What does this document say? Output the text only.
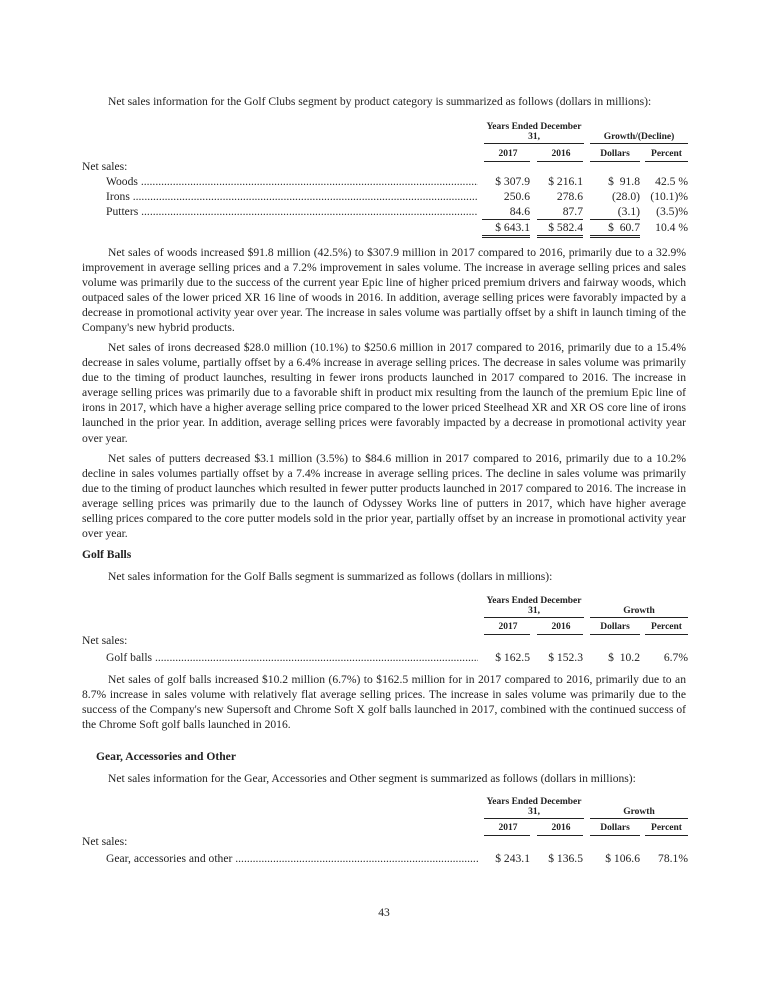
Net sales information for the Golf Clubs segment by product category is summarized as follows (dollars in millions):

Years Ended December 31,	Growth/(Decline)
2017	2016	Dollars	Percent
Net sales:
Woods .....	$ 307.9	$ 216.1	$  91.8	42.5 %
Irons .....	250.6	278.6	(28.0) (10.1)%
Putters .....	84.6	87.7	(3.1)	(3.5)%
$ 643.1	$ 582.4	$  60.7	10.4 %

Net sales of woods increased $91.8 million (42.5%) to $307.9 million in 2017 compared to 2016, primarily due to a 32.9% improvement in average selling prices and a 7.2% improvement in sales volume. The increase in average selling prices and sales volume was primarily due to the success of the current year Epic line of higher priced premium drivers and fairway woods, which outpaced sales of the lower priced XR 16 line of woods in 2016. In addition, average selling prices were favorably impacted by a decrease in promotional activity year over year. The increase in sales volume was partially offset by a shift in launch timing of the Company's new hybrid products.

Net sales of irons decreased $28.0 million (10.1%) to $250.6 million in 2017 compared to 2016, primarily due to a 15.4% decrease in sales volume, partially offset by a 6.4% increase in average selling prices. The decrease in sales volume was primarily due to the timing of product launches, resulting in fewer irons products launched in 2017 compared to 2016. The increase in average selling prices was primarily due to a favorable shift in product mix resulting from the launch of the premium Epic line of irons in 2017, which have a higher average selling price compared to the lower priced Steelhead XR and XR OS core line of irons launched in the prior year. In addition, average selling prices were favorably impacted by a decrease in promotional activity year over year.

Net sales of putters decreased $3.1 million (3.5%) to $84.6 million in 2017 compared to 2016, primarily due to a 10.2% decline in sales volumes partially offset by a 7.4% increase in average selling prices. The decline in sales volume was primarily due to the timing of product launches which resulted in fewer putter products launched in 2017 compared to 2016. The increase in average selling prices was primarily due to the launch of Odyssey Works line of putters in 2017, which have higher average selling prices compared to the core putter models sold in the prior year, partially offset by an increase in promotional activity year over year.

Golf Balls

Net sales information for the Golf Balls segment is summarized as follows (dollars in millions):

Years Ended December 31,	Growth
2017	2016	Dollars	Percent
Net sales:
Golf balls .....	$ 162.5	$ 152.3	$  10.2	6.7%

Net sales of golf balls increased $10.2 million (6.7%) to $162.5 million for in 2017 compared to 2016, primarily due to an 8.7% increase in sales volume with relatively flat average selling prices. The increase in sales volume was primarily due to the success of the Company's new Supersoft and Chrome Soft X golf balls launched in 2017, combined with the continued success of the Chrome Soft golf balls launched in 2016.

Gear, Accessories and Other

Net sales information for the Gear, Accessories and Other segment is summarized as follows (dollars in millions):

Years Ended December 31,	Growth
2017	2016	Dollars	Percent
Net sales:
Gear, accessories and other .....	$ 243.1	$ 136.5	$ 106.6	78.1%
43
